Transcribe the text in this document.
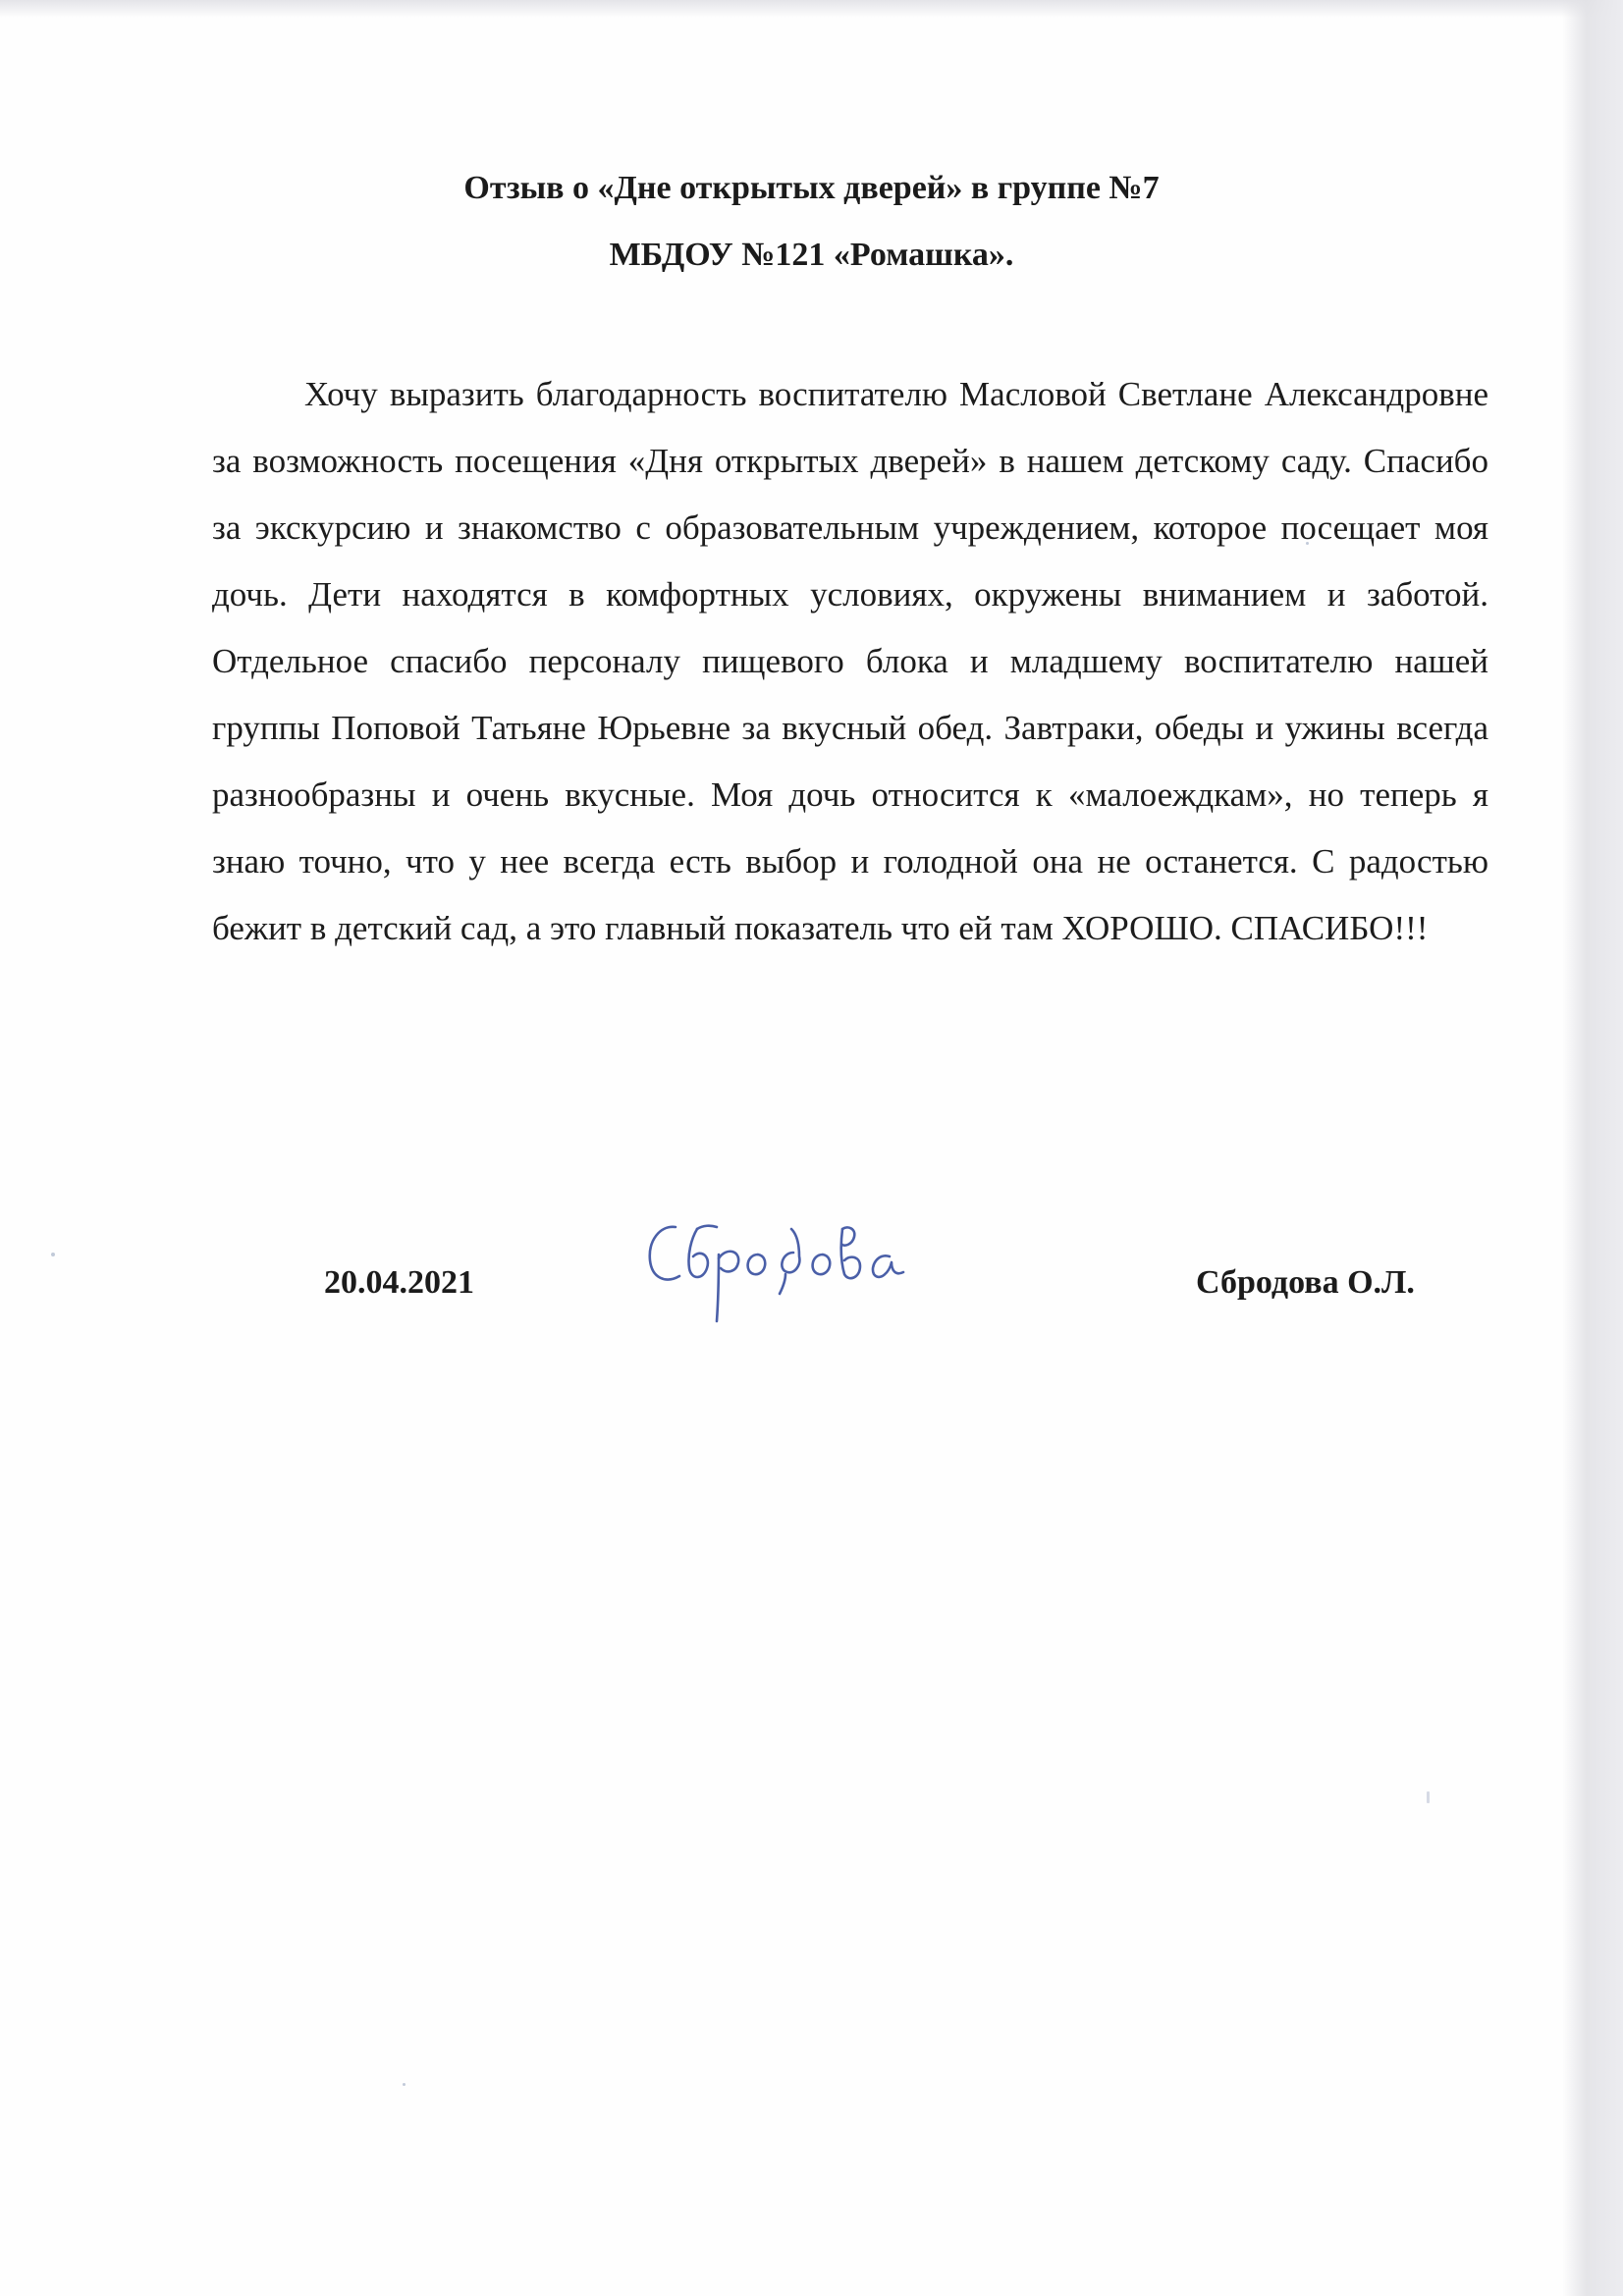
Отзыв о «Дне открытых дверей» в группе №7
МБДОУ №121 «Ромашка».

Хочу выразить благодарность воспитателю Масловой Светлане Александровне за возможность посещения «Дня открытых дверей» в нашем детскому саду. Спасибо за экскурсию и знакомство с образовательным учреждением, которое посещает моя дочь. Дети находятся в комфортных условиях, окружены вниманием и заботой. Отдельное спасибо персоналу пищевого блока и младшему воспитателю нашей группы Поповой Татьяне Юрьевне за вкусный обед. Завтраки, обеды и ужины всегда разнообразны и очень вкусные. Моя дочь относится к «малоеждкам», но теперь я знаю точно, что у нее всегда есть выбор и голодной она не останется. С радостью бежит в детский сад, а это главный показатель что ей там ХОРОШО. СПАСИБО!!!

20.04.2021	Сбродова О.Л.
